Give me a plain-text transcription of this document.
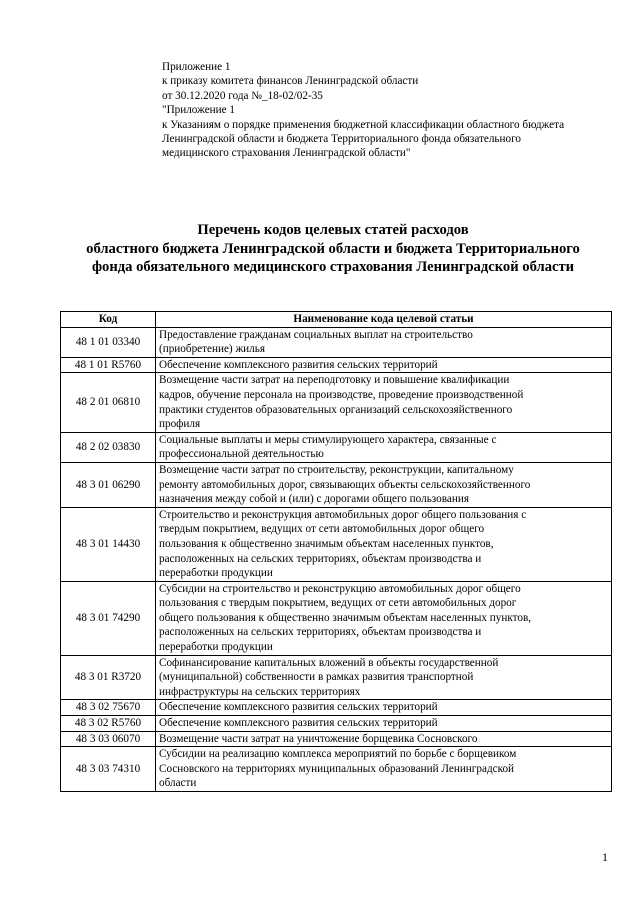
Приложение 1
к приказу комитета финансов Ленинградской области
от 30.12.2020 года №_18-02/02-35
"Приложение 1
к Указаниям о порядке применения бюджетной классификации областного бюджета
Ленинградской области и бюджета Территориального фонда обязательного
медицинского страхования Ленинградской области"
Перечень кодов целевых статей расходов
областного бюджета Ленинградской области и бюджета Территориального
фонда обязательного медицинского страхования Ленинградской области
Код	Наименование кода целевой статьи
48 1 01 03340	Предоставление гражданам социальных выплат на строительство
(приобретение) жилья

48 1 01 R5760	Обеспечение комплексного развития сельских территорий

48 2 01 06810	Возмещение части затрат на переподготовку и повышение квалификации
кадров, обучение персонала на производстве, проведение производственной
практики студентов образовательных организаций сельскохозяйственного
профиля

48 2 02 03830	Социальные выплаты и меры стимулирующего характера, связанные с
профессиональной деятельностью

48 3 01 06290	Возмещение части затрат по строительству, реконструкции, капитальному
ремонту автомобильных дорог, связывающих объекты сельскохозяйственного
назначения между собой и (или) с дорогами общего пользования

48 3 01 14430	Строительство и реконструкция автомобильных дорог общего пользования с
твердым покрытием, ведущих от сети автомобильных дорог общего
пользования к общественно значимым объектам населенных пунктов,
расположенных на сельских территориях, объектам производства и
переработки продукции

48 3 01 74290	Субсидии на строительство и реконструкцию автомобильных дорог общего
пользования с твердым покрытием, ведущих от сети автомобильных дорог
общего пользования к общественно значимым объектам населенных пунктов,
расположенных на сельских территориях, объектам производства и
переработки продукции

48 3 01 R3720	Софинансирование капитальных вложений в объекты государственной
(муниципальной) собственности в рамках развития транспортной
инфраструктуры на сельских территориях

48 3 02 75670	Обеспечение комплексного развития сельских территорий

48 3 02 R5760	Обеспечение комплексного развития сельских территорий

48 3 03 06070	Возмещение части затрат на уничтожение борщевика Сосновского

48 3 03 74310	Субсидии на реализацию комплекса мероприятий по борьбе с борщевиком
Сосновского на территориях муниципальных образований Ленинградской
области
1
